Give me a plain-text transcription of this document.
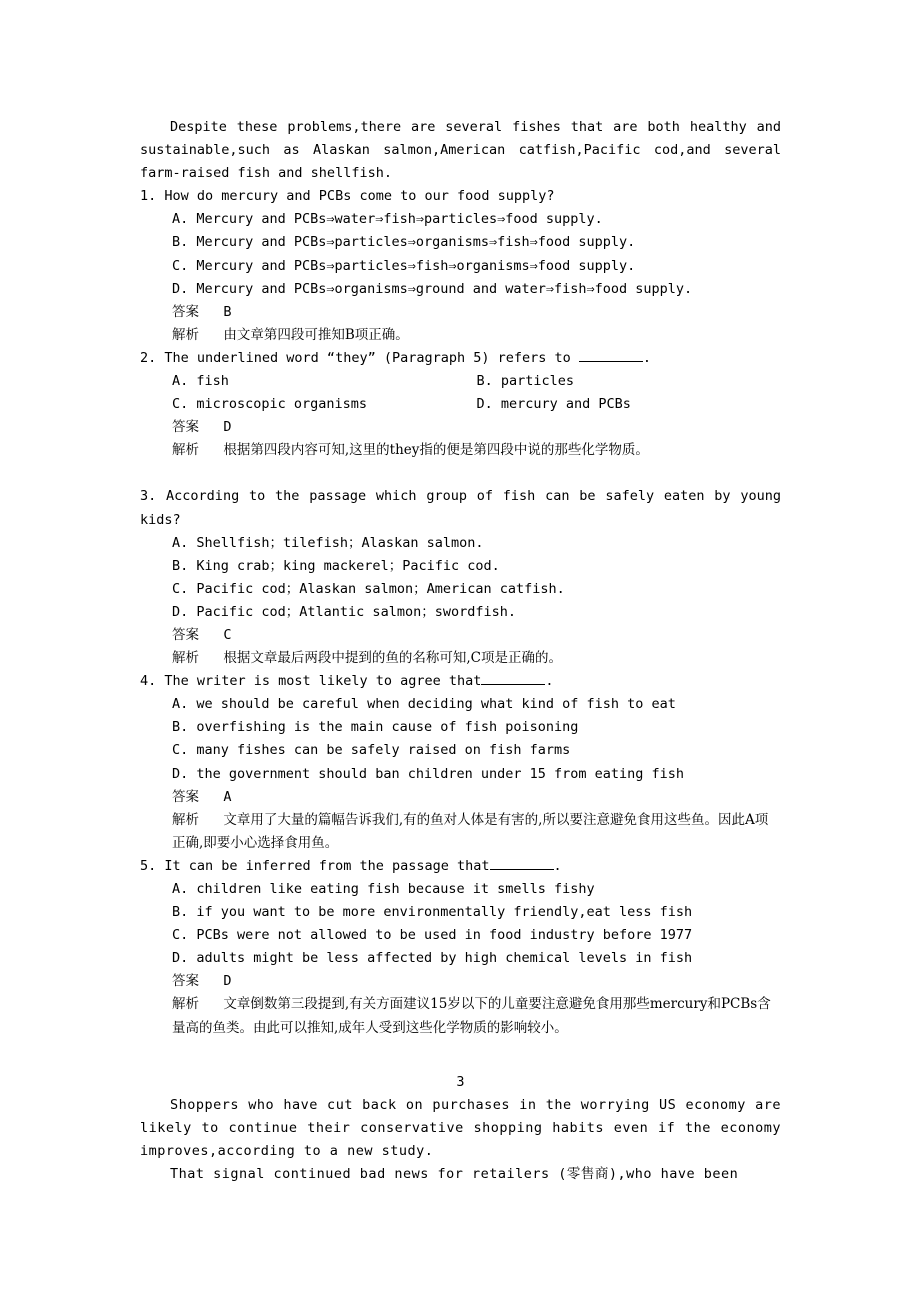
Despite these problems,there are several fishes that are both healthy and sustainable,such as Alaskan salmon,American catfish,Pacific cod,and several farm-raised fish and shellfish.

1. How do mercury and PCBs come to our food supply?

A. Mercury and PCBs⇒water⇒fish⇒particles⇒food supply.

B. Mercury and PCBs⇒particles⇒organisms⇒fish⇒food supply.

C. Mercury and PCBs⇒particles⇒fish⇒organisms⇒food supply.

D. Mercury and PCBs⇒organisms⇒ground and water⇒fish⇒food supply.

答案 B

解析 由文章第四段可推知B项正确。

2. The underlined word “they” (Paragraph 5) refers to	.

A. fish	B. particles
C. microscopic organisms	D. mercury and PCBs

答案 D

解析 根据第四段内容可知,这里的they指的便是第四段中说的那些化学物质。

3. According to the passage which group of fish can be safely eaten by young kids?

A. Shellfish；tilefish；Alaskan salmon.

B. King crab；king mackerel；Pacific cod.

C. Pacific cod；Alaskan salmon；American catfish.

D. Pacific cod；Atlantic salmon；swordfish.

答案 C

解析 根据文章最后两段中提到的鱼的名称可知,C项是正确的。

4. The writer is most likely to agree that	.

A. we should be careful when deciding what kind of fish to eat

B. overfishing is the main cause of fish poisoning

C. many fishes can be safely raised on fish farms

D. the government should ban children under 15 from eating fish

答案 A

解析 文章用了大量的篇幅告诉我们,有的鱼对人体是有害的,所以要注意避免食用这些鱼。因此A项正确,即要小心选择食用鱼。

5. It can be inferred from the passage that	.

A. children like eating fish because it smells fishy

B. if you want to be more environmentally friendly,eat less fish

C. PCBs were not allowed to be used in food industry before 1977

D. adults might be less affected by high chemical levels in fish

答案 D

解析 文章倒数第三段提到,有关方面建议15岁以下的儿童要注意避免食用那些mercury和PCBs含量高的鱼类。由此可以推知,成年人受到这些化学物质的影响较小。

3

Shoppers who have cut back on purchases in the worrying US economy are likely to continue their conservative shopping habits even if the economy improves,according to a new study.

That signal continued bad news for retailers (零售商),who have been
